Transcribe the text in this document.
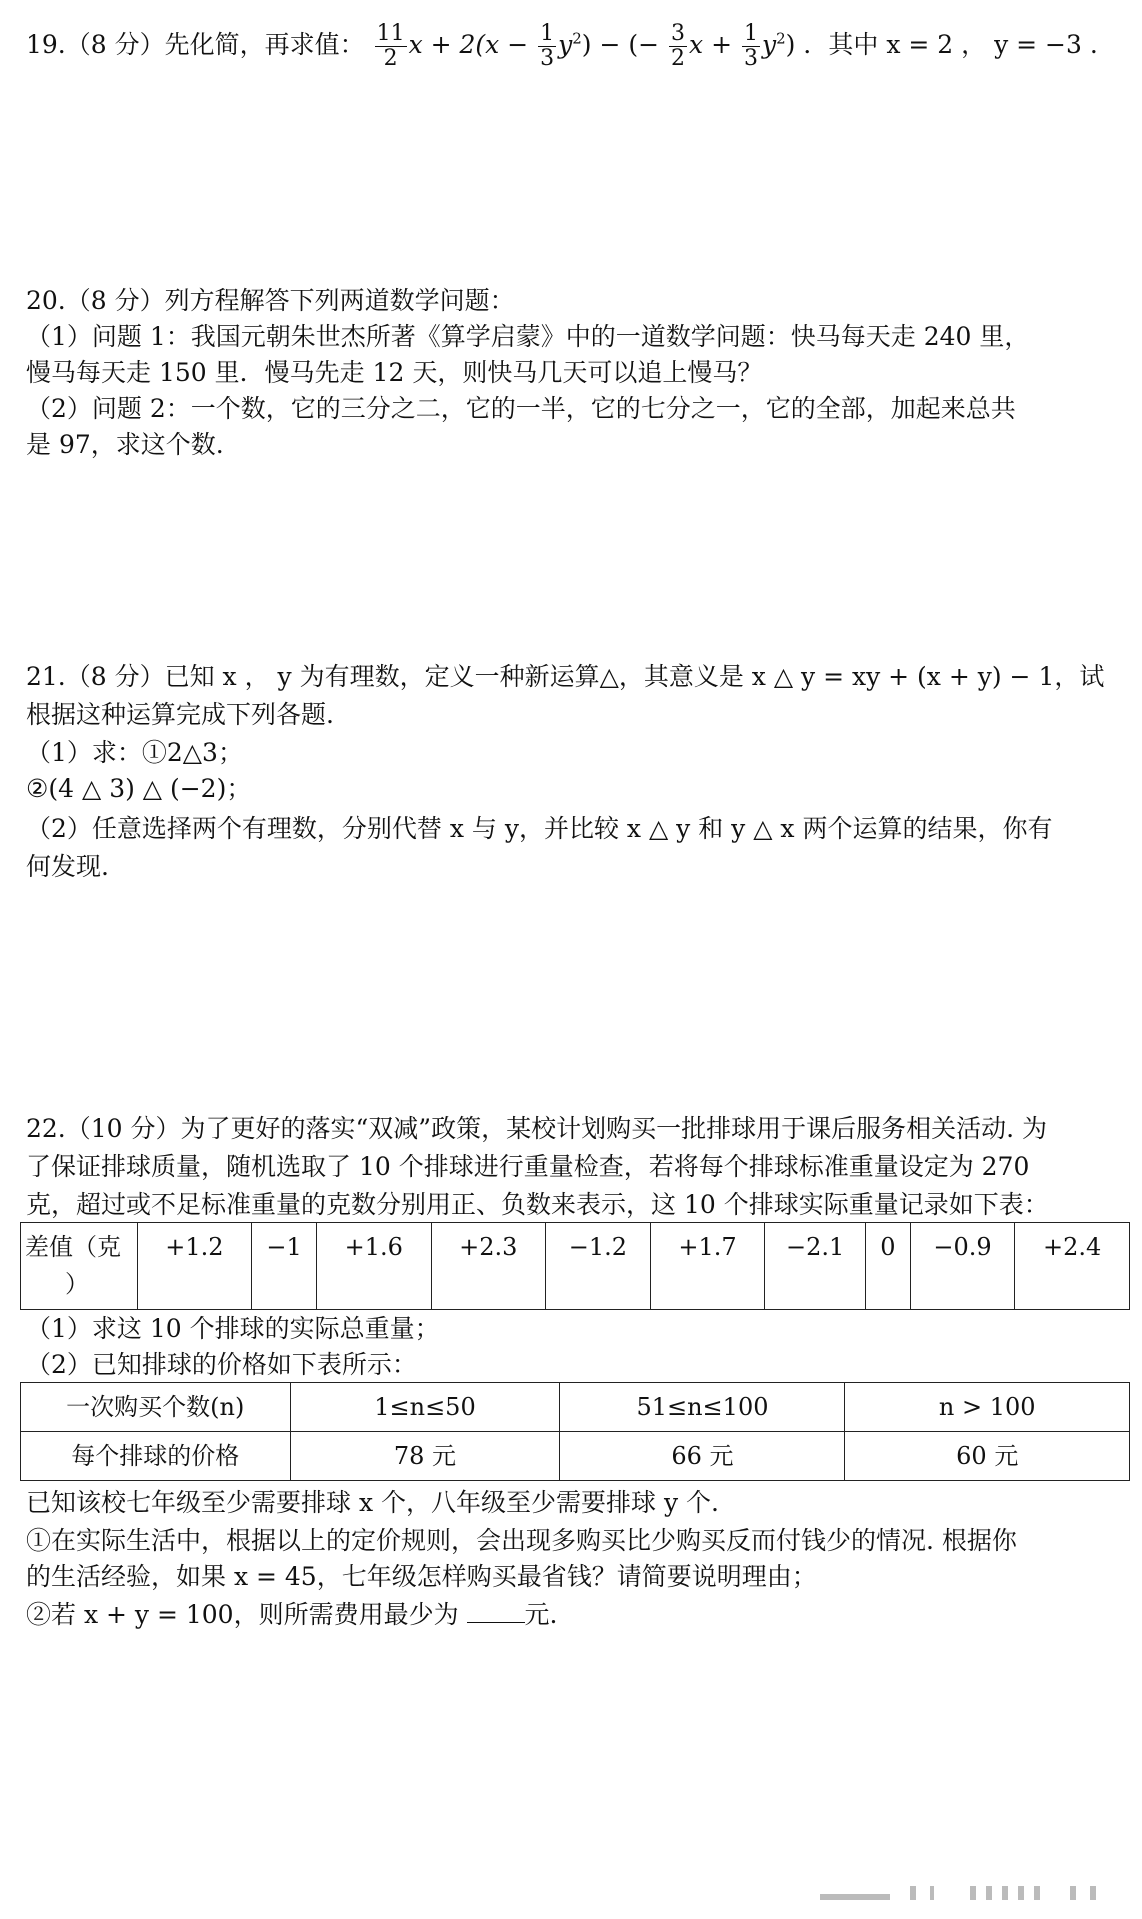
19.（8 分）先化简，再求值： $\frac{11}{2}$ $x + 2(x - \frac{1}{3} y^2)$ − (− $\frac{3}{2}$ $x + \frac{1}{3} y^2$) ．其中 x = 2 ， y = −3 .
20.（8 分）列方程解答下列两道数学问题：
（1）问题 1：我国元朝朱世杰所著《算学启蒙》中的一道数学问题：快马每天走 240 里，
慢马每天走 150 里．慢马先走 12 天，则快马几天可以追上慢马？
（2）问题 2：一个数，它的三分之二，它的一半，它的七分之一，它的全部，加起来总共
是 97，求这个数.
21.（8 分）已知 x ， y 为有理数，定义一种新运算△，其意义是 x △ y = xy + (x + y) − 1，试
根据这种运算完成下列各题.
（1）求：①2△3；
②(4 △ 3) △ (−2)；
（2）任意选择两个有理数，分别代替 x 与 y，并比较 x △ y 和 y △ x 两个运算的结果，你有
何发现.
22.（10 分）为了更好的落实“双减”政策，某校计划购买一批排球用于课后服务相关活动. 为
了保证排球质量，随机选取了 10 个排球进行重量检查，若将每个排球标准重量设定为 270
克，超过或不足标准重量的克数分别用正、负数来表示，这 10 个排球实际重量记录如下表：
差值（克
）
	+1.2	−1	+1.6	+2.3	−1.2	+1.7	−2.1	0	−0.9	+2.4
（1）求这 10 个排球的实际总重量；
（2）已知排球的价格如下表所示：
一次购买个数(n)	1≤n≤50	51≤n≤100	n > 100
每个排球的价格	78 元	66 元	60 元
已知该校七年级至少需要排球 x 个，八年级至少需要排球 y 个.
①在实际生活中，根据以上的定价规则，会出现多购买比少购买反而付钱少的情况. 根据你
的生活经验，如果 x = 45，七年级怎样购买最省钱？请简要说明理由；
②若 x + y = 100，则所需费用最少为	元.
